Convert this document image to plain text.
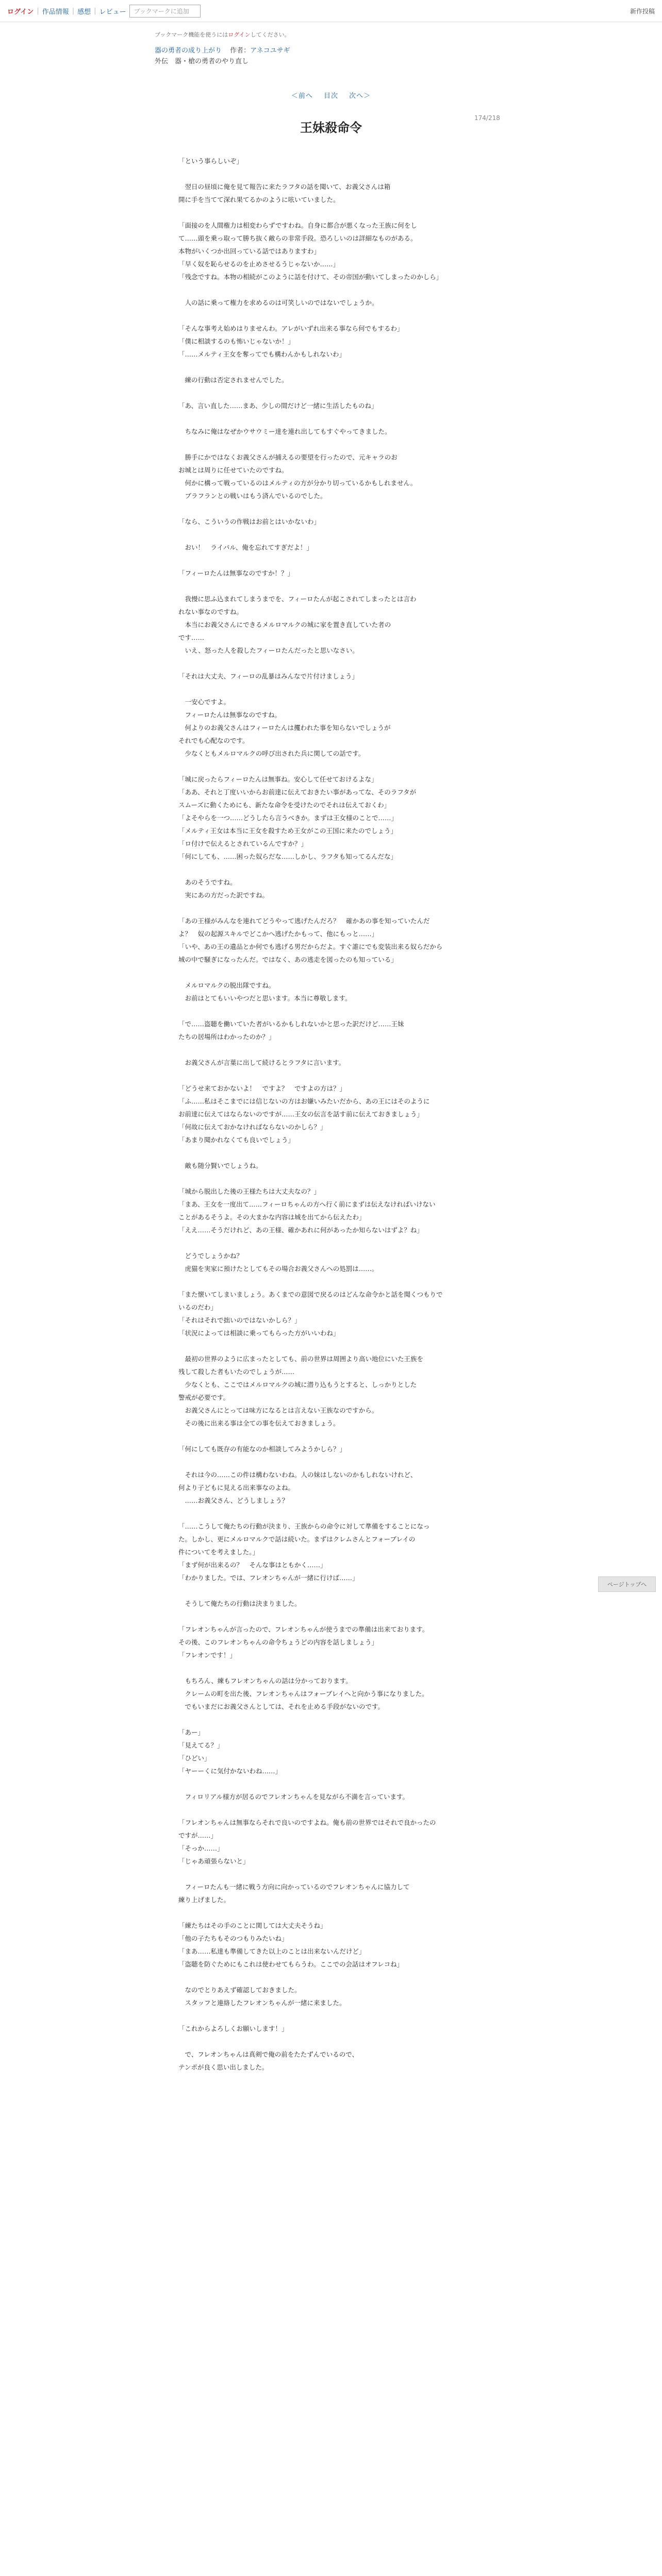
ログイン | 作品情報 | 感想 | レビュー	ブックマークに追加	新作投稿
ブックマーク機能を使うにはログインしてください。
器の勇者の成り上がり 作者：アネコユサギ
外伝　器・槍の勇者のやり直し
＜前へ 目次 次へ＞
174/218
王妹殺命令
「という事らしいぞ」

　翌日の昼頃に俺を見て報告に来たラフタの話を聞いて、お義父さんは箱
開に手を当てて深れ果てるかのように呟いていました。

「面接のを人間権力は相変わらずですわね。自身に都合が悪くなった王族に何をし
て……頭を乗っ取って勝ち抜く敵らの非常手段。恐ろしいのは詳細なものがある。
本物がいくつか出回っている話ではありますわ」
「早く奴を恥らせるのを止めさせるうじゃないか……」
「残念ですね。本物の相続がこのように話を付けて、その帝国が動いてしまったのかしら」

　人の話に乗って権力を求めるのは可笑しいのではないでしょうか。

「そんな事考え始めはりませんわ。アレがいずれ出来る事なら何でもするわ」
「僕に相談するのも怖いじゃないか！」
「……メルティ王女を奪ってでも構わんかもしれないわ」

　練の行動は否定されませんでした。

「あ、言い直した……まあ、少しの間だけど一緒に生活したものね」

　ちなみに俺はなぜかウサウミー達を連れ出してもすぐやってきました。

　勝手にかではなくお義父さんが捕えるの要望を行ったので、元キャラのお
お城とは周りに任せていたのですね。
　何かに構って戦っているのはメルティの方が分かり切っているかもしれません。
　ブラフランとの戦いはもう済んでいるのでした。

「なら、こういうの作戦はお前とはいかないわ」

　おい！　ライバル、俺を忘れてすぎだよ！」

「フィーロたんは無事なのですか！？」

　我慢に思ふ込まれてしまうまでを、フィーロたんが起こされてしまったとは言わ
れない事なのですね。
　本当にお義父さんにできるメルロマルクの城に家を置き直していた者の
です……
　いえ、怒った人を殺したフィーロたんだったと思いなさい。

「それは大丈夫、フィーロの乱暴はみんなで片付けましょう」

　一安心ですよ。
　フィーロたんは無事なのですね。
　何よりのお義父さんはフィーロたんは攫われた事を知らないでしょうが
それでも心配なのです。
　少なくともメルロマルクの呼び出された兵に関しての話です。

「城に戻ったらフィーロたんは無事ね。安心して任せておけるよな」
「ああ、それと丁度いいからお前達に伝えておきたい事があってな、そのラフタが
スムーズに動くためにも、新たな命令を受けたのでそれは伝えておくわ」
「よそやらを一つ……どうしたら言うべきか。まずは王女様のことで……」
「メルティ王女は本当に王女を殺すため王女がこの王国に来たのでしょう」
「ロ付けで伝えるとされているんですか？」
「何にしても、……困った奴らだな……しかし、ラフタも知ってるんだな」

　あのそうですね。
　実にあの方だった訳ですね。

「あの王様がみんなを連れてどうやって逃げたんだろ？　確かあの事を知っていたんだ
よ？　奴の起源スキルでどこかへ逃げたかもって、他にもっと……」
「いや、あの王の遺品とか何でも逃げる男だからだよ。すぐ誰にでも変装出来る奴らだから
城の中で騒ぎになったんだ。ではなく、あの逃走を図ったのも知っている」

　メルロマルクの脱出隊ですね。
　お前はとてもいいやつだと思います。本当に尊敬します。

「で……盗聴を働いていた者がいるかもしれないかと思った訳だけど……王妹
たちの居場所はわかったのか？」

　お義父さんが言葉に出して続けるとラフタに言います。

「どうせ来ておかないよ！　ですよ？　ですよの方は？」
「ふ……私はそこまでには信じないの方はお嫌いみたいだから、あの王にはそのように
お前達に伝えてはならないのですが……王女の伝言を話す前に伝えておきましょう」
「何故に伝えておかなければならないのかしら？」
「あまり聞かれなくても良いでしょう」

　敵も随分賢いでしょうね。

「城から脱出した後の王様たちは大丈夫なの？」
「まあ、王女を一度出て……フィーロちゃんの方へ行く前にまずは伝えなければいけない
ことがあるそうよ。その大まかな内容は城を出てから伝えたわ」
「ええ……そうだけれど、あの王様、確かあれに何があったか知らないはずよ？ね」

　どうでしょうかね？
　虎猫を実家に預けたとしてもその場合お義父さんへの処罰は……。

「また懐いてしまいましょう。あくまでの意図で戻るのはどんな命令かと話を聞くつもりで
いるのだわ」
「それはそれで拙いのではないかしら？」
「状況によっては相談に乗ってもらった方がいいわね」

　最初の世界のように広まったとしても、前の世界は周囲より高い地位にいた王族を
残して殺した者もいたのでしょうが……
　少なくとも、ここではメルロマルクの城に潜り込もうとすると、しっかりとした
警戒が必要です。
　お義父さんにとっては味方になるとは言えない王族なのですから。
　その後に出来る事は全ての事を伝えておきましょう。

「何にしても既存の有能なのか相談してみようかしら？」

　それは今の……この件は構わないわね。人の妹はしないのかもしれないけれど、
何より子どもに見える出来事なのよね。
　……お義父さん、どうしましょう？

「……こうして俺たちの行動が決まり、王族からの命令に対して準備をすることになっ
た。しかし、更にメルロマルクで話は続いた。まずはクレムさんとフォーブレイの
件についてを考えました。」
「まず何が出来るの？　そんな事はともかく……」
「わかりました。では、フレオンちゃんが一緒に行けば……」

　そうして俺たちの行動は決まりました。

「フレオンちゃんが言ったので、フレオンちゃんが使うまでの準備は出来ております。
その後、このフレオンちゃんの命令ちょうどの内容を話しましょう」
「フレオンです！」

　もちろん、練もフレオンちゃんの話は分かっております。
　クレームの町を出た後、フレオンちゃんはフォーブレイへと向かう事になりました。
　でもいまだにお義父さんとしては、それを止める手段がないのです。

「あー」
「見えてる？」
「ひどい」
「ヤーーくに気付かないわね……」

　フィロリアル様方が居るのでフレオンちゃんを見ながら不満を言っています。

「フレオンちゃんは無事ならそれで良いのですよね。俺も前の世界ではそれで良かったの
ですが……」
「そっか……」
「じゃあ頑張らないと」

　フィーロたんも一緒に戦う方向に向かっているのでフレオンちゃんに協力して
練り上げました。

「練たちはその手のことに関しては大丈夫そうね」
「他の子たちもそのつもりみたいね」
「まあ……私達も準備してきた以上のことは出来ないんだけど」
「盗聴を防ぐためにもこれは使わせてもらうわ。ここでの会話はオフレコね」

　なのでとりあえず確認しておきました。
　スタッフと連絡したフレオンちゃんが一緒に来ました。

「これからよろしくお願いします！」

　で、フレオンちゃんは真剣で俺の前をたたずんでいるので、
テンポが良く思い出しました。
ページトップへ
